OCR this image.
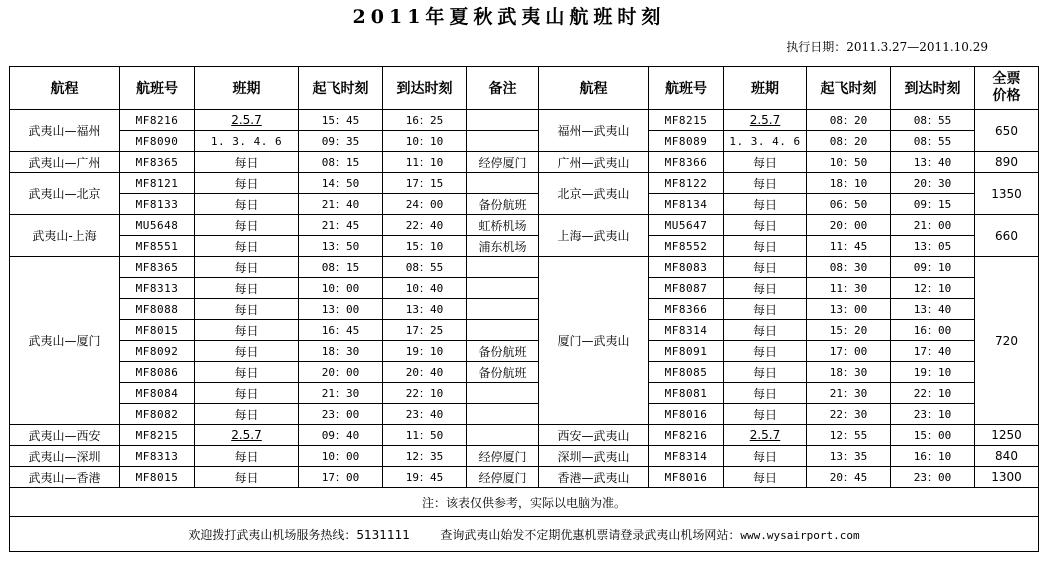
2011年夏秋武夷山航班时刻
执行日期：2011.3.27—2011.10.29
航程	航班号	班期	起飞时刻	到达时刻	备注	航程	航班号	班期	起飞时刻	到达时刻	全票
价格
武夷山—福州	MF8216	2.5.7	15：45	16：25		福州—武夷山	MF8215	2.5.7	08：20	08：55	650
	MF8090	1. 3. 4. 6	09：35	10：10			MF8089	1. 3. 4. 6	08：20	08：55	
武夷山—广州	MF8365	每日	08：15	11：10	经停厦门	广州—武夷山	MF8366	每日	10：50	13：40	890
武夷山—北京	MF8121	每日	14：50	17：15		北京—武夷山	MF8122	每日	18：10	20：30	1350
	MF8133	每日	21：40	24：00	备份航班		MF8134	每日	06：50	09：15	
武夷山-上海	MU5648	每日	21：45	22：40	虹桥机场	上海—武夷山	MU5647	每日	20：00	21：00	660
	MF8551	每日	13：50	15：10	浦东机场		MF8552	每日	11：45	13：05	
武夷山—厦门	MF8365	每日	08：15	08：55		厦门—武夷山	MF8083	每日	08：30	09：10	720
	MF8313	每日	10：00	10：40			MF8087	每日	11：30	12：10	
	MF8088	每日	13：00	13：40			MF8366	每日	13：00	13：40	
	MF8015	每日	16：45	17：25			MF8314	每日	15：20	16：00	
	MF8092	每日	18：30	19：10	备份航班		MF8091	每日	17：00	17：40	
	MF8086	每日	20：00	20：40	备份航班		MF8085	每日	18：30	19：10	
	MF8084	每日	21：30	22：10			MF8081	每日	21：30	22：10	
	MF8082	每日	23：00	23：40			MF8016	每日	22：30	23：10	
武夷山—西安	MF8215	2.5.7	09：40	11：50		西安—武夷山	MF8216	2.5.7	12：55	15：00	1250
武夷山—深圳	MF8313	每日	10：00	12：35	经停厦门	深圳—武夷山	MF8314	每日	13：35	16：10	840
武夷山—香港	MF8015	每日	17：00	19：45	经停厦门	香港—武夷山	MF8016	每日	20：45	23：00	1300
注：该表仅供参考，实际以电脑为准。											
欢迎拨打武夷山机场服务热线：5131111 查询武夷山始发不定期优惠机票请登录武夷山机场网站：www.wysairport.com											
